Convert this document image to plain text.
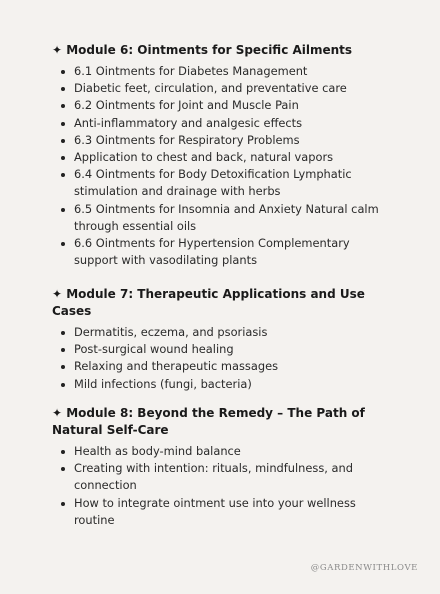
✦ Module 6: Ointments for Specific Ailments
6.1 Ointments for Diabetes Management
Diabetic feet, circulation, and preventative care
6.2 Ointments for Joint and Muscle Pain
Anti-inflammatory and analgesic effects
6.3 Ointments for Respiratory Problems
Application to chest and back, natural vapors
6.4 Ointments for Body Detoxification Lymphatic stimulation and drainage with herbs
6.5 Ointments for Insomnia and Anxiety Natural calm through essential oils
6.6 Ointments for Hypertension Complementary support with vasodilating plants
✦ Module 7: Therapeutic Applications and Use Cases
Dermatitis, eczema, and psoriasis
Post-surgical wound healing
Relaxing and therapeutic massages
Mild infections (fungi, bacteria)
✦ Module 8: Beyond the Remedy – The Path of Natural Self-Care
Health as body-mind balance
Creating with intention: rituals, mindfulness, and connection
How to integrate ointment use into your wellness routine
@GARDENWITHLOVE
